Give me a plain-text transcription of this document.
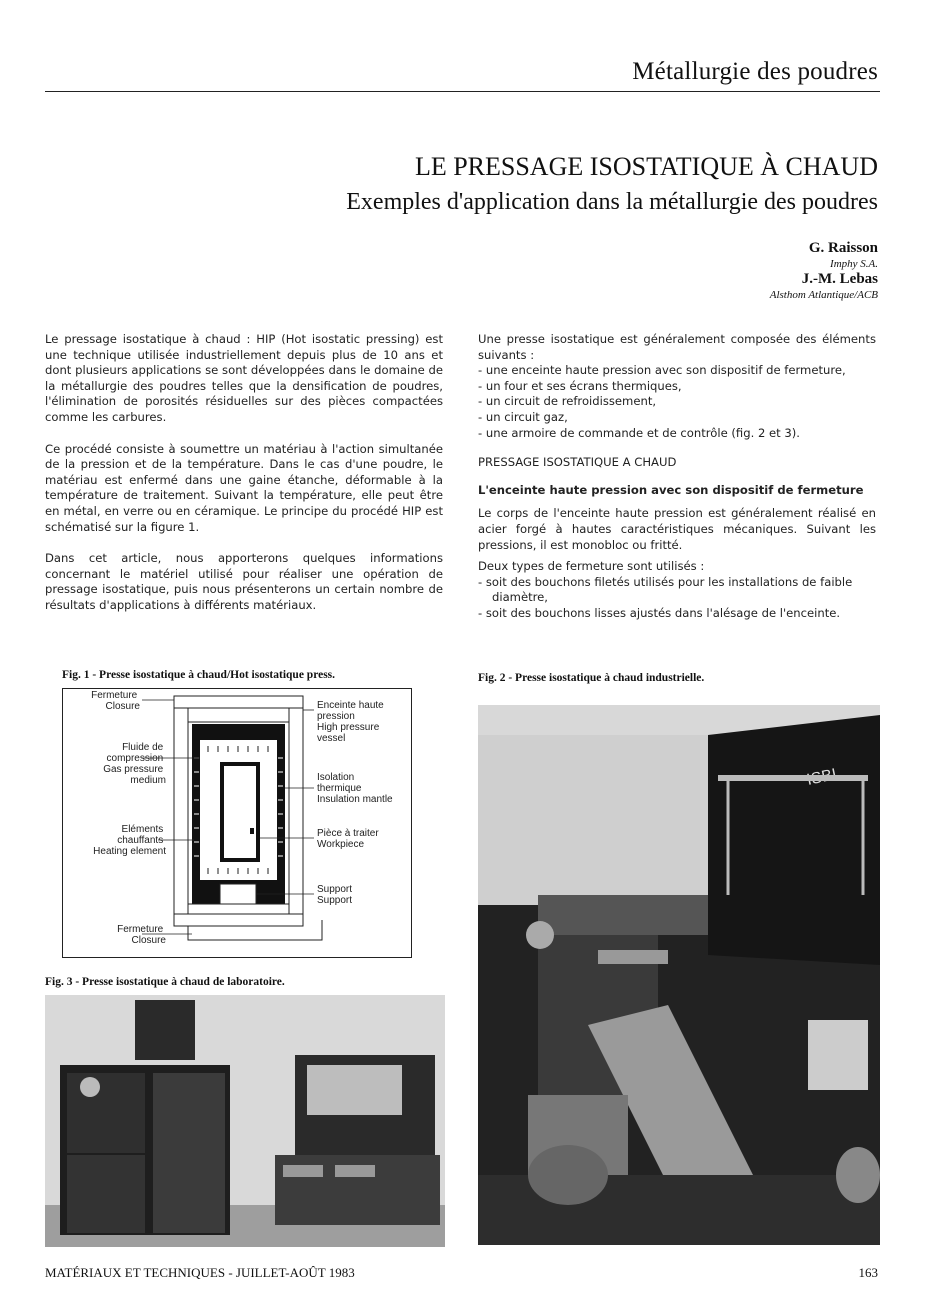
Métallurgie des poudres
LE PRESSAGE ISOSTATIQUE À CHAUD
Exemples d'application dans la métallurgie des poudres
G. Raisson
Imphy S.A.
J.-M. Lebas
Alsthom Atlantique/ACB

Le pressage isostatique à chaud : HIP (Hot isostatic pressing) est une technique utilisée industriellement depuis plus de 10 ans et dont plusieurs applications se sont développées dans le domaine de la métallurgie des poudres telles que la densification de poudres, l'élimination de porosités résiduelles sur des pièces compactées comme les carbures.

Ce procédé consiste à soumettre un matériau à l'action simultanée de la pression et de la température. Dans le cas d'une poudre, le matériau est enfermé dans une gaine étanche, déformable à la température de traitement. Suivant la température, elle peut être en métal, en verre ou en céramique. Le principe du procédé HIP est schématisé sur la figure 1.

Dans cet article, nous apporterons quelques informations concernant le matériel utilisé pour réaliser une opération de pressage isostatique, puis nous présenterons un certain nombre de résultats d'applications à différents matériaux.

Une presse isostatique est généralement composée des éléments suivants :
- une enceinte haute pression avec son dispositif de fermeture,
- un four et ses écrans thermiques,
- un circuit de refroidissement,
- un circuit gaz,
- une armoire de commande et de contrôle (fig. 2 et 3).
PRESSAGE ISOSTATIQUE A CHAUD
L'enceinte haute pression avec son dispositif de fermeture

Le corps de l'enceinte haute pression est généralement réalisé en acier forgé à hautes caractéristiques mécaniques. Suivant les pressions, il est monobloc ou fritté.

Deux types de fermeture sont utilisés :
- soit des bouchons filetés utilisés pour les installations de faible diamètre,
- soit des bouchons lisses ajustés dans l'alésage de l'enceinte.
Fig. 1 - Presse isostatique à chaud/Hot isostatique press.
Fermeture Closure
Fluide de compression Gas pressure medium
Eléments chauffants Heating element
Fermeture Closure
Enceinte haute pression High pressure vessel
Isolation thermique Insulation mantle
Pièce à traiter Workpiece
Support Support
Fig. 2 - Presse isostatique à chaud industrielle.
Fig. 3 - Presse isostatique à chaud de laboratoire.
MATÉRIAUX ET TECHNIQUES - JUILLET-AOÛT 1983	163
